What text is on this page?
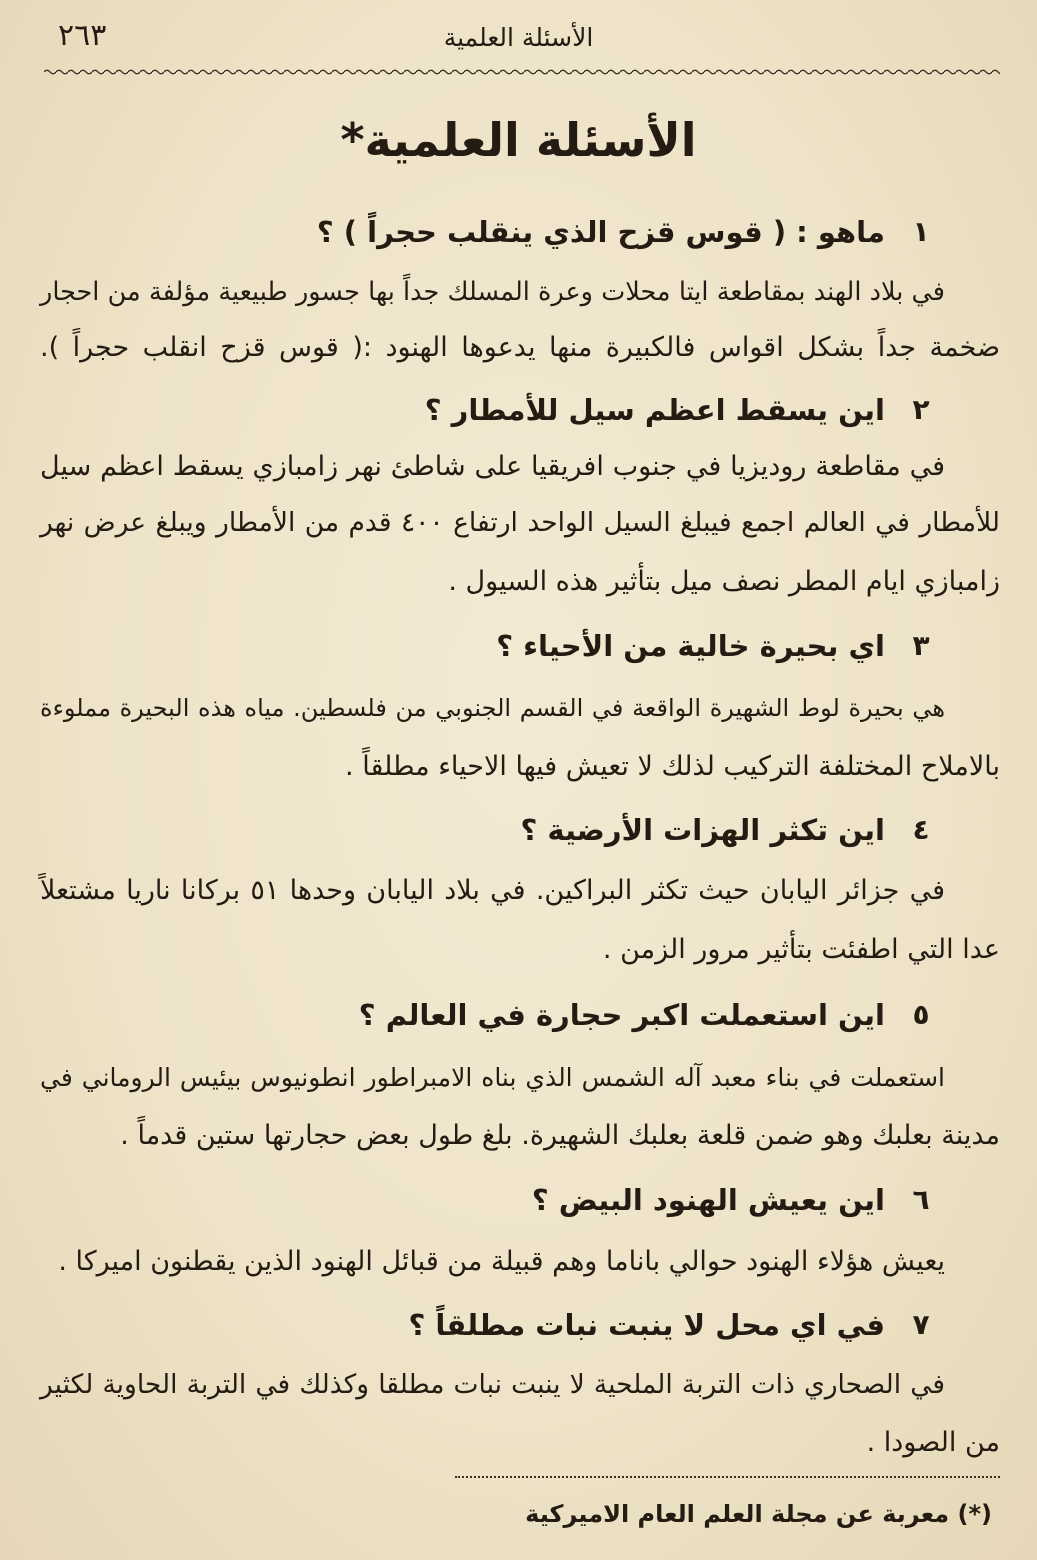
٢٦٣	الأسئلة العلمية
الأسئلة العلمية*
١
ماهو : ( قوس قزح الذي ينقلب حجراً ) ؟
في بلاد الهند بمقاطعة ايتا محلات وعرة المسلك جداً بها جسور طبيعية مؤلفة من احجار
ضخمة جداً بشكل اقواس فالكبيرة منها يدعوها الهنود :( قوس قزح انقلب حجراً ).
٢
اين يسقط اعظم سيل للأمطار ؟
في مقاطعة روديزيا في جنوب افريقيا على شاطئ نهر زامبازي يسقط اعظم سيل
للأمطار في العالم اجمع فيبلغ السيل الواحد ارتفاع ٤٠٠ قدم من الأمطار ويبلغ عرض نهر
زامبازي ايام المطر نصف ميل بتأثير هذه السيول .
٣
اي بحيرة خالية من الأحياء ؟
هي بحيرة لوط الشهيرة الواقعة في القسم الجنوبي من فلسطين. مياه هذه البحيرة مملوءة
بالاملاح المختلفة التركيب لذلك لا تعيش فيها الاحياء مطلقاً .
٤
اين تكثر الهزات الأرضية ؟
في جزائر اليابان حيث تكثر البراكين. في بلاد اليابان وحدها ٥١ بركانا ناريا مشتعلاً
عدا التي اطفئت بتأثير مرور الزمن .
٥
اين استعملت اكبر حجارة في العالم ؟
استعملت في بناء معبد آله الشمس الذي بناه الامبراطور انطونيوس بيئيس الروماني في
مدينة بعلبك وهو ضمن قلعة بعلبك الشهيرة. بلغ طول بعض حجارتها ستين قدماً .
٦
اين يعيش الهنود البيض ؟
يعيش هؤلاء الهنود حوالي باناما وهم قبيلة من قبائل الهنود الذين يقطنون اميركا .
٧
في اي محل لا ينبت نبات مطلقاً ؟
في الصحاري ذات التربة الملحية لا ينبت نبات مطلقا وكذلك في التربة الحاوية لكثير
من الصودا .
(*) معربة عن مجلة العلم العام الاميركية
